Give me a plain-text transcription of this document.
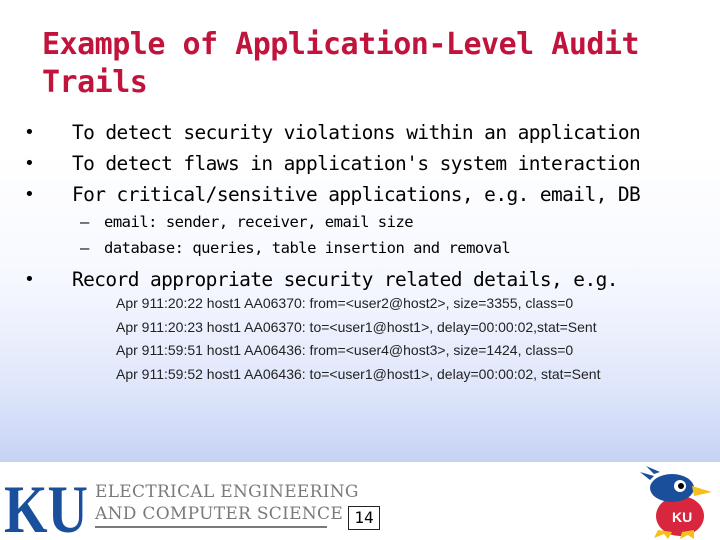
Example of Application-Level Audit Trails
• To detect security violations within an application
• To detect flaws in application's system interaction
• For critical/sensitive applications, e.g. email, DB
– email: sender, receiver, email size
– database: queries, table insertion and removal
• Record appropriate security related details, e.g.
Apr 911:20:22 host1 AA06370: from=<user2@host2>, size=3355, class=0
Apr 911:20:23 host1 AA06370: to=<user1@host1>, delay=00:00:02,stat=Sent
Apr 911:59:51 host1 AA06436: from=<user4@host3>, size=1424, class=0
Apr 911:59:52 host1 AA06436: to=<user1@host1>, delay=00:00:02, stat=Sent
KU ELECTRICAL ENGINEERING
AND COMPUTER SCIENCE 14	KU
